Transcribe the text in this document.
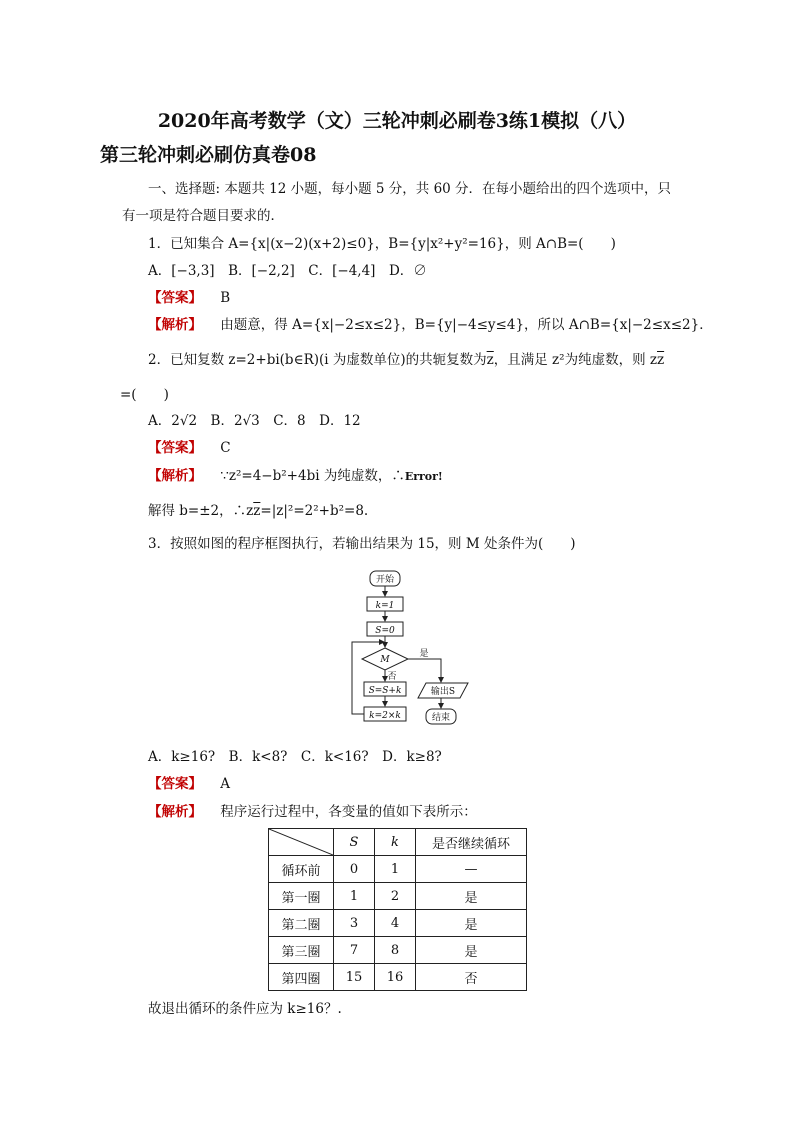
2020年高考数学（文）三轮冲刺必刷卷3练1模拟（八）
第三轮冲刺必刷仿真卷08
一、选择题: 本题共 12 小题，每小题 5 分，共 60 分．在每小题给出的四个选项中，只
有一项是符合题目要求的．
1．已知集合 A={x|(x−2)(x+2)≤0}，B={y|x²+y²=16}，则 A∩B=(　　)
A．[−3,3]　B．[−2,2]　C．[−4,4]　D．∅
【答案】 B
【解析】 由题意，得 A={x|−2≤x≤2}，B={y|−4≤y≤4}，所以 A∩B={x|−2≤x≤2}．
2．已知复数 z=2+bi(b∈R)(i 为虚数单位)的共轭复数为$\overline{z}$，且满足 z²为纯虚数，则 $z\overline{z}$
=(　　)
A．2√2　B．2√3　C．8　D．12
【答案】 C
【解析】 ∵z²=4−b²+4bi 为纯虚数，∴Error!
解得 b=±2，$\therefore z\overline{z}=|z|^2=2^2+b^2=8$.
3．按照如图的程序框图执行，若输出结果为 15，则 M 处条件为(　　)
开始
k=1
S=0
M
是
否
S=S+k
k=2×k
输出S
结束
A．k≥16?　B．k<8?　C．k<16?　D．k≥8?
【答案】 A
【解析】 程序运行过程中，各变量的值如下表所示：
	S	k	是否继续循环
循环前	0	1	—
第一圈	1	2	是
第二圈	3	4	是
第三圈	7	8	是
第四圈	15	16	否
故退出循环的条件应为 k≥16？.
